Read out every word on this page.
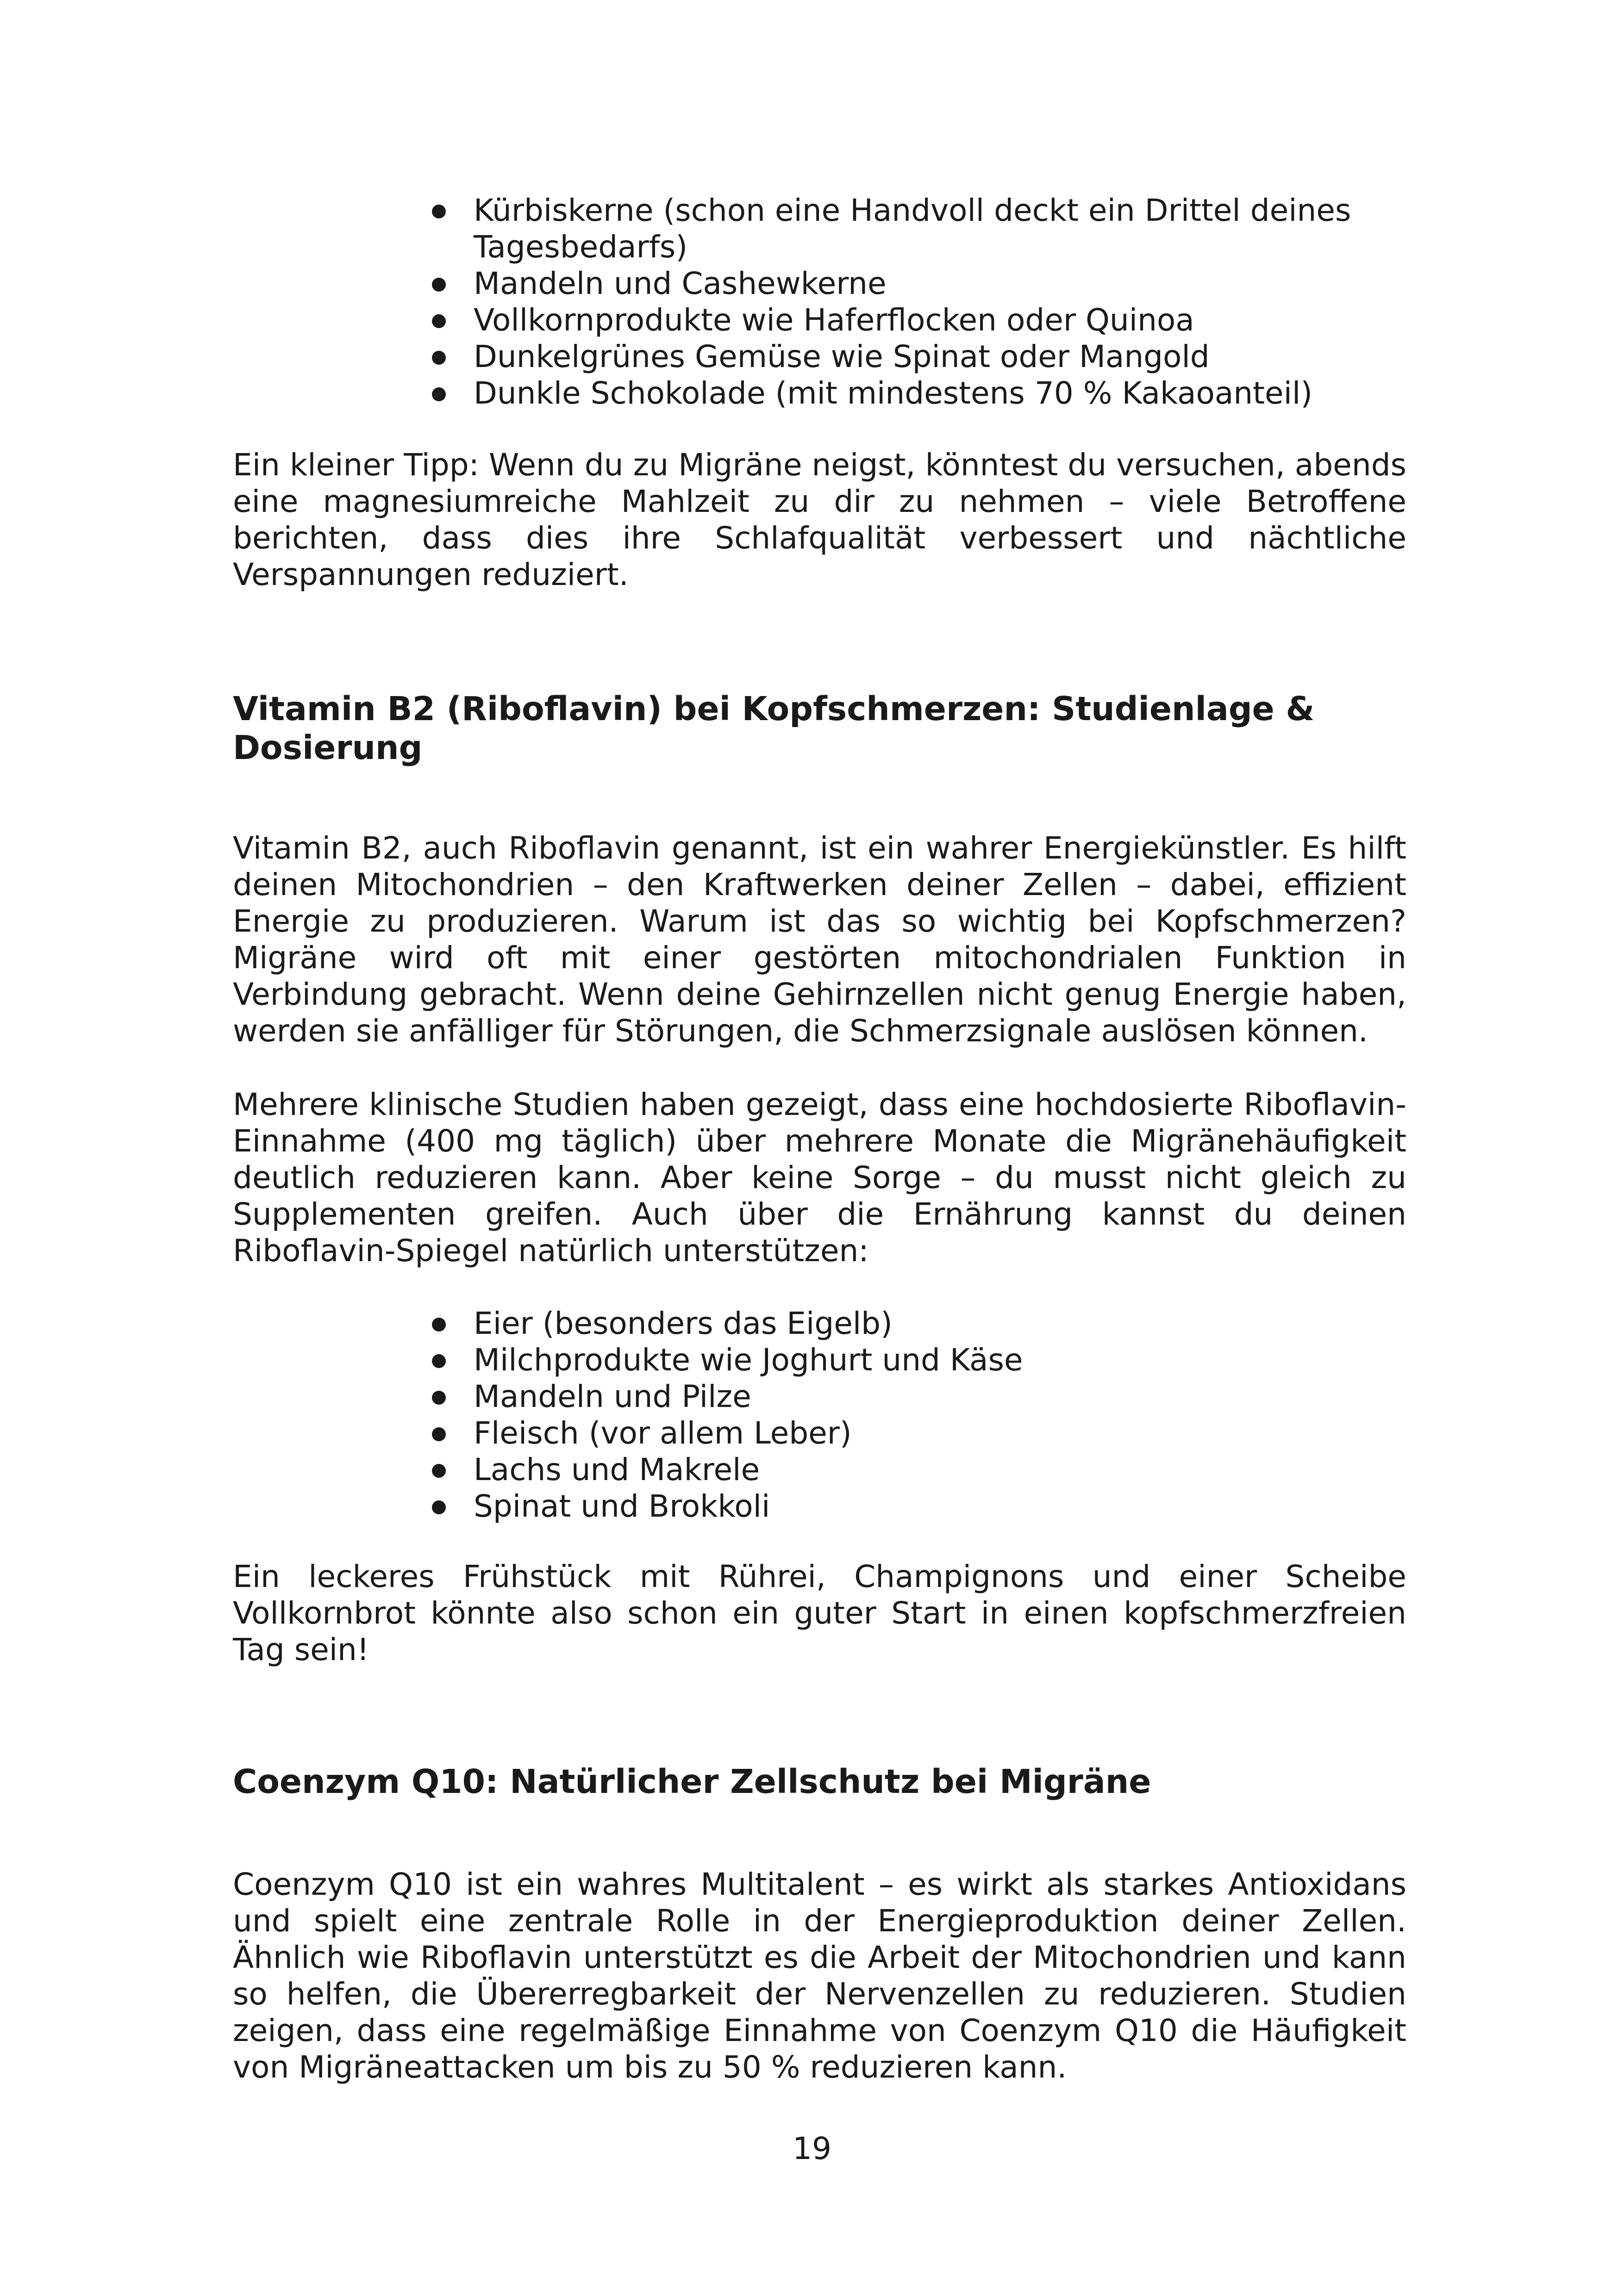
Kürbiskerne (schon eine Handvoll deckt ein Drittel deines Tagesbedarfs)
Mandeln und Cashewkerne
Vollkornprodukte wie Haferflocken oder Quinoa
Dunkelgrünes Gemüse wie Spinat oder Mangold
Dunkle Schokolade (mit mindestens 70 % Kakaoanteil)

Ein kleiner Tipp: Wenn du zu Migräne neigst, könntest du versuchen, abends eine magnesiumreiche Mahlzeit zu dir zu nehmen – viele Betroffene berichten, dass dies ihre Schlafqualität verbessert und nächtliche Verspannungen reduziert.

Vitamin B2 (Riboflavin) bei Kopfschmerzen: Studienlage & Dosierung

Vitamin B2, auch Riboflavin genannt, ist ein wahrer Energiekünstler. Es hilft deinen Mitochondrien – den Kraftwerken deiner Zellen – dabei, effizient Energie zu produzieren. Warum ist das so wichtig bei Kopfschmerzen? Migräne wird oft mit einer gestörten mitochondrialen Funktion in Verbindung gebracht. Wenn deine Gehirnzellen nicht genug Energie haben, werden sie anfälliger für Störungen, die Schmerzsignale auslösen können.

Mehrere klinische Studien haben gezeigt, dass eine hochdosierte Riboflavin-Einnahme (400 mg täglich) über mehrere Monate die Migränehäufigkeit deutlich reduzieren kann. Aber keine Sorge – du musst nicht gleich zu Supplementen greifen. Auch über die Ernährung kannst du deinen Riboflavin-Spiegel natürlich unterstützen:

Eier (besonders das Eigelb)
Milchprodukte wie Joghurt und Käse
Mandeln und Pilze
Fleisch (vor allem Leber)
Lachs und Makrele
Spinat und Brokkoli

Ein leckeres Frühstück mit Rührei, Champignons und einer Scheibe Vollkornbrot könnte also schon ein guter Start in einen kopfschmerzfreien Tag sein!

Coenzym Q10: Natürlicher Zellschutz bei Migräne

Coenzym Q10 ist ein wahres Multitalent – es wirkt als starkes Antioxidans und spielt eine zentrale Rolle in der Energieproduktion deiner Zellen. Ähnlich wie Riboflavin unterstützt es die Arbeit der Mitochondrien und kann so helfen, die Übererregbarkeit der Nervenzellen zu reduzieren. Studien zeigen, dass eine regelmäßige Einnahme von Coenzym Q10 die Häufigkeit von Migräneattacken um bis zu 50 % reduzieren kann.

19
